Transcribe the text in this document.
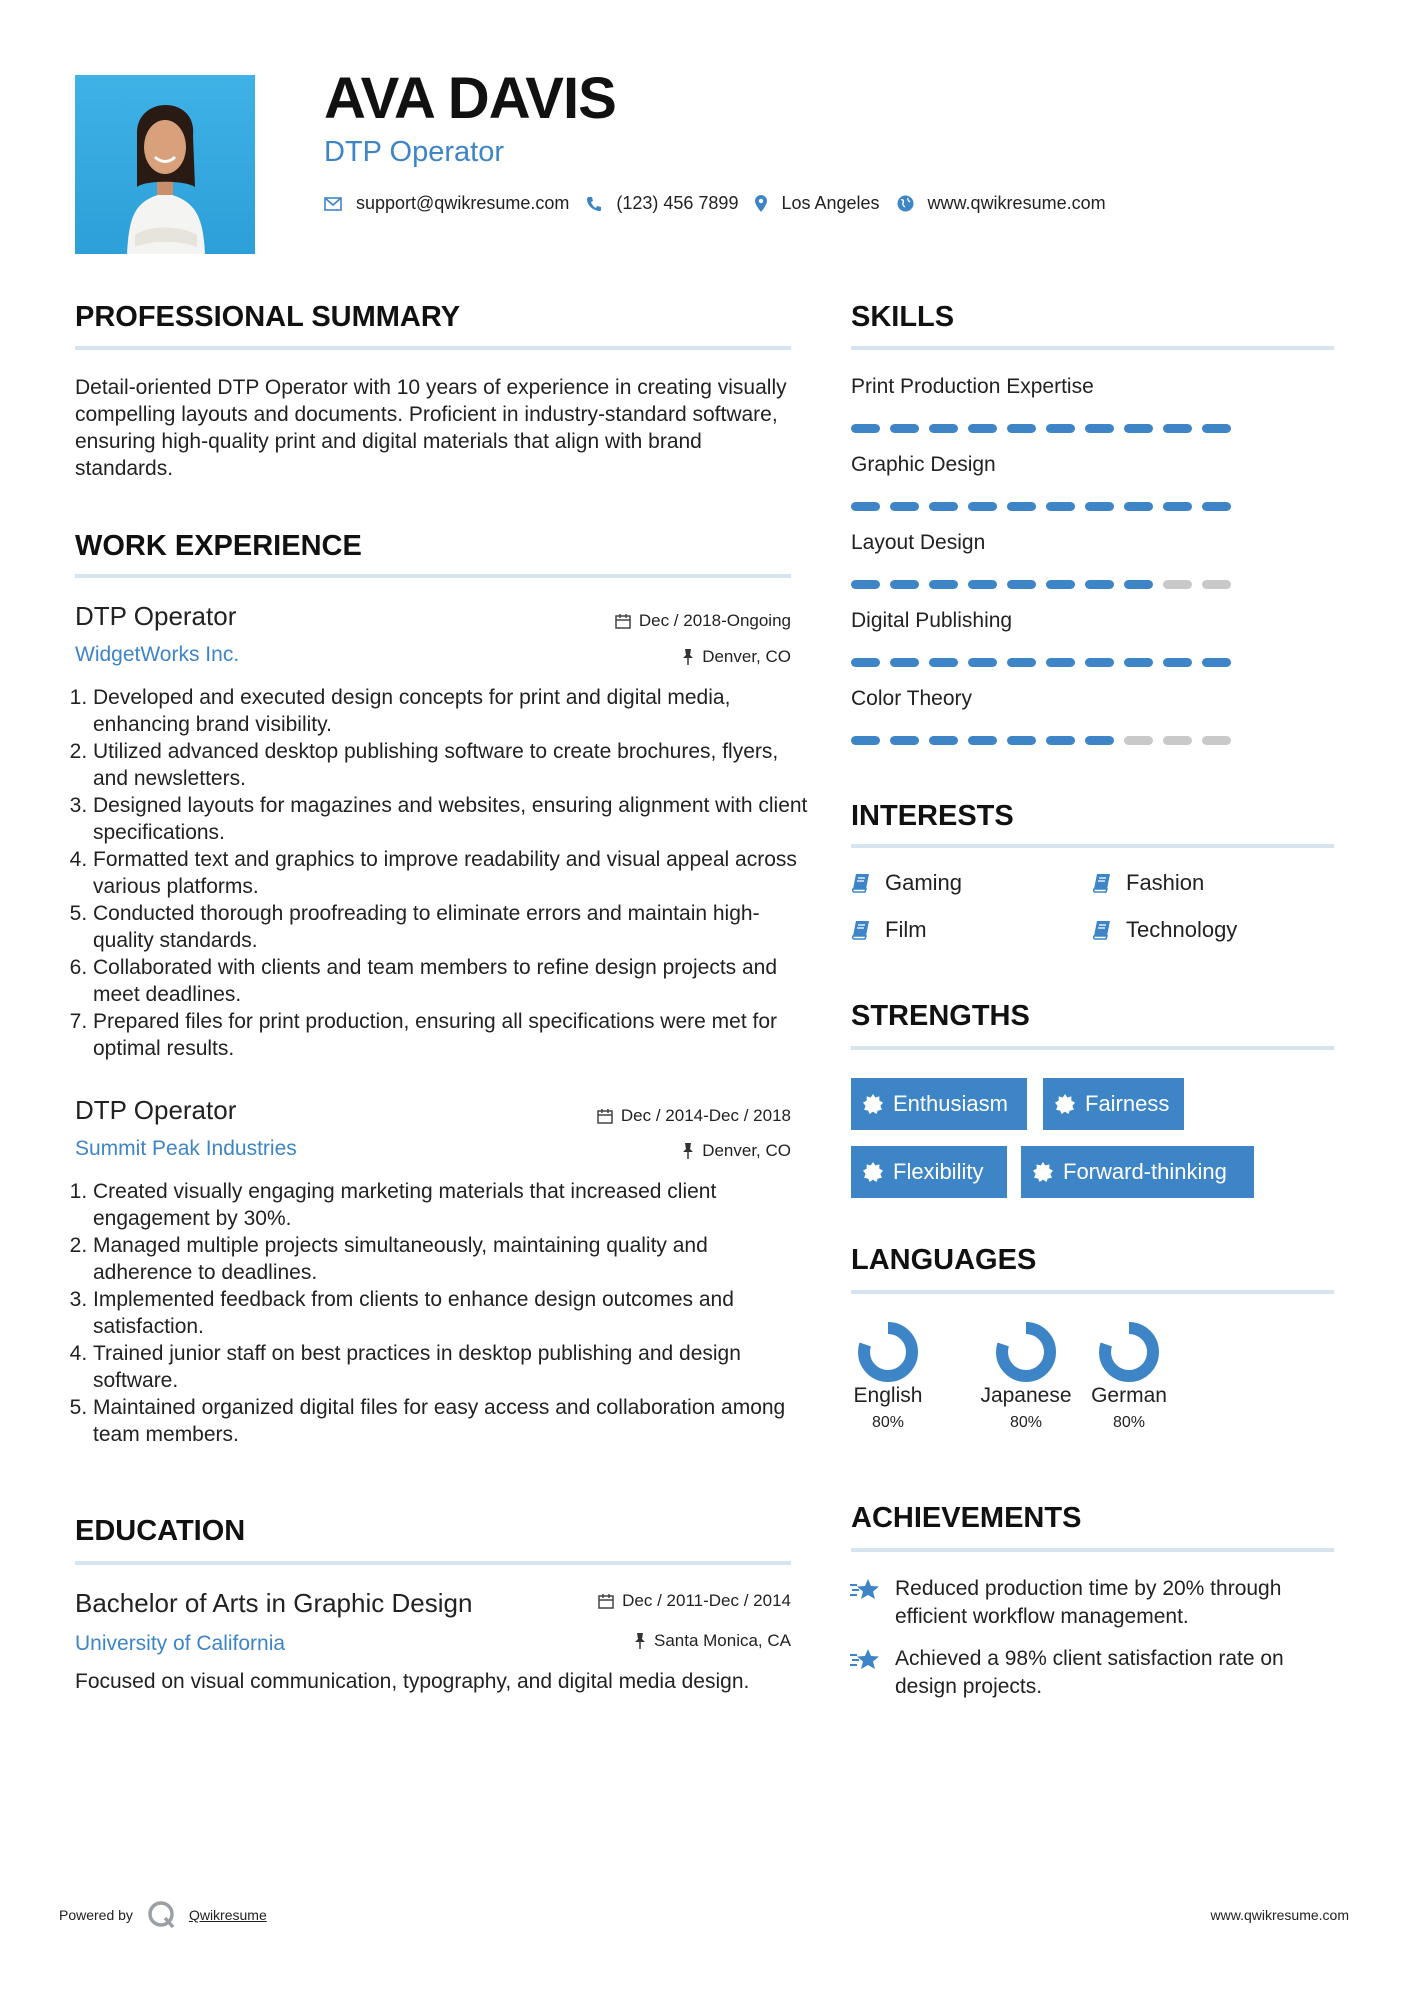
AVA DAVIS
DTP Operator
support@qwikresume.com	(123) 456 7899 Los Angeles	www.qwikresume.com
PROFESSIONAL SUMMARY
Detail-oriented DTP Operator with 10 years of experience in creating visually compelling layouts and documents. Proficient in industry-standard software, ensuring high-quality print and digital materials that align with brand standards.
WORK EXPERIENCE
DTP Operator
WidgetWorks Inc.
Dec / 2018-Ongoing
Denver, CO
1. Developed and executed design concepts for print and digital media, enhancing brand visibility.
2. Utilized advanced desktop publishing software to create brochures, flyers, and newsletters.
3. Designed layouts for magazines and websites, ensuring alignment with client specifications.
4. Formatted text and graphics to improve readability and visual appeal across various platforms.
5. Conducted thorough proofreading to eliminate errors and maintain high-quality standards.
6. Collaborated with clients and team members to refine design projects and meet deadlines.
7. Prepared files for print production, ensuring all specifications were met for optimal results.
DTP Operator
Summit Peak Industries
Dec / 2014-Dec / 2018
Denver, CO
1. Created visually engaging marketing materials that increased client engagement by 30%.
2. Managed multiple projects simultaneously, maintaining quality and adherence to deadlines.
3. Implemented feedback from clients to enhance design outcomes and satisfaction.
4. Trained junior staff on best practices in desktop publishing and design software.
5. Maintained organized digital files for easy access and collaboration among team members.
EDUCATION
Bachelor of Arts in Graphic Design
University of California
Dec / 2011-Dec / 2014
Santa Monica, CA
Focused on visual communication, typography, and digital media design.
SKILLS
Print Production Expertise
Graphic Design
Layout Design
Digital Publishing
Color Theory
INTERESTS
Gaming	Fashion
Film	Technology
STRENGTHS
Enthusiasm	Fairness
Flexibility	Forward-thinking
LANGUAGES
English
80%
Japanese
80%
German
80%
ACHIEVEMENTS
Reduced production time by 20% through efficient workflow management.
Achieved a 98% client satisfaction rate on design projects.
Powered by	Qwikresume	www.qwikresume.com
